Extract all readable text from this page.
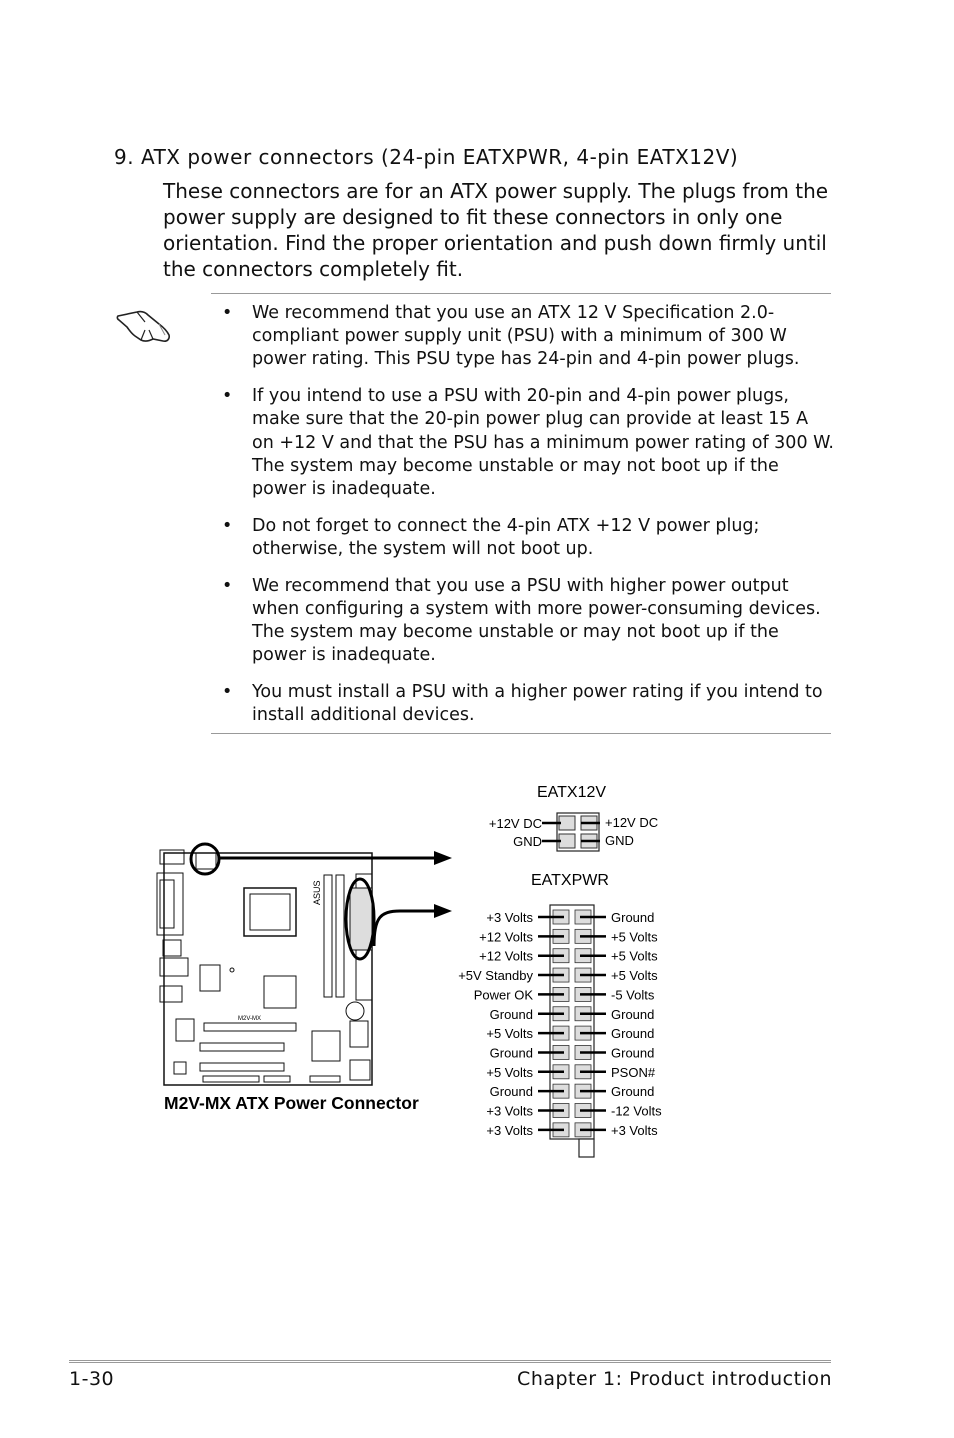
9. ATX power connectors (24-pin EATXPWR, 4-pin EATX12V)
These connectors are for an ATX power supply. The plugs from the power supply are designed to fit these connectors in only one orientation. Find the proper orientation and push down firmly until the connectors completely fit.
• We recommend that you use an ATX 12 V Specification 2.0-compliant power supply unit (PSU) with a minimum of 300 W power rating. This PSU type has 24-pin and 4-pin power plugs.
• If you intend to use a PSU with 20-pin and 4-pin power plugs, make sure that the 20-pin power plug can provide at least 15 A on +12 V and that the PSU has a minimum power rating of 300 W. The system may become unstable or may not boot up if the power is inadequate.
• Do not forget to connect the 4-pin ATX +12 V power plug; otherwise, the system will not boot up.
• We recommend that you use a PSU with higher power output when configuring a system with more power-consuming devices. The system may become unstable or may not boot up if the power is inadequate.
• You must install a PSU with a higher power rating if you intend to install additional devices.
M2V-MX
ASUS
M2V-MX ATX Power Connector
EATX12V
+12V DC
GND
+12V DC
GND
EATXPWR
+3 Volts	Ground
+12 Volts	+5 Volts
+12 Volts	+5 Volts
+5V Standby	+5 Volts
Power OK	-5 Volts
Ground	Ground
+5 Volts	Ground
Ground	Ground
+5 Volts	PSON#
Ground	Ground
+3 Volts	-12 Volts
+3 Volts	+3 Volts
1-30	Chapter 1: Product introduction
